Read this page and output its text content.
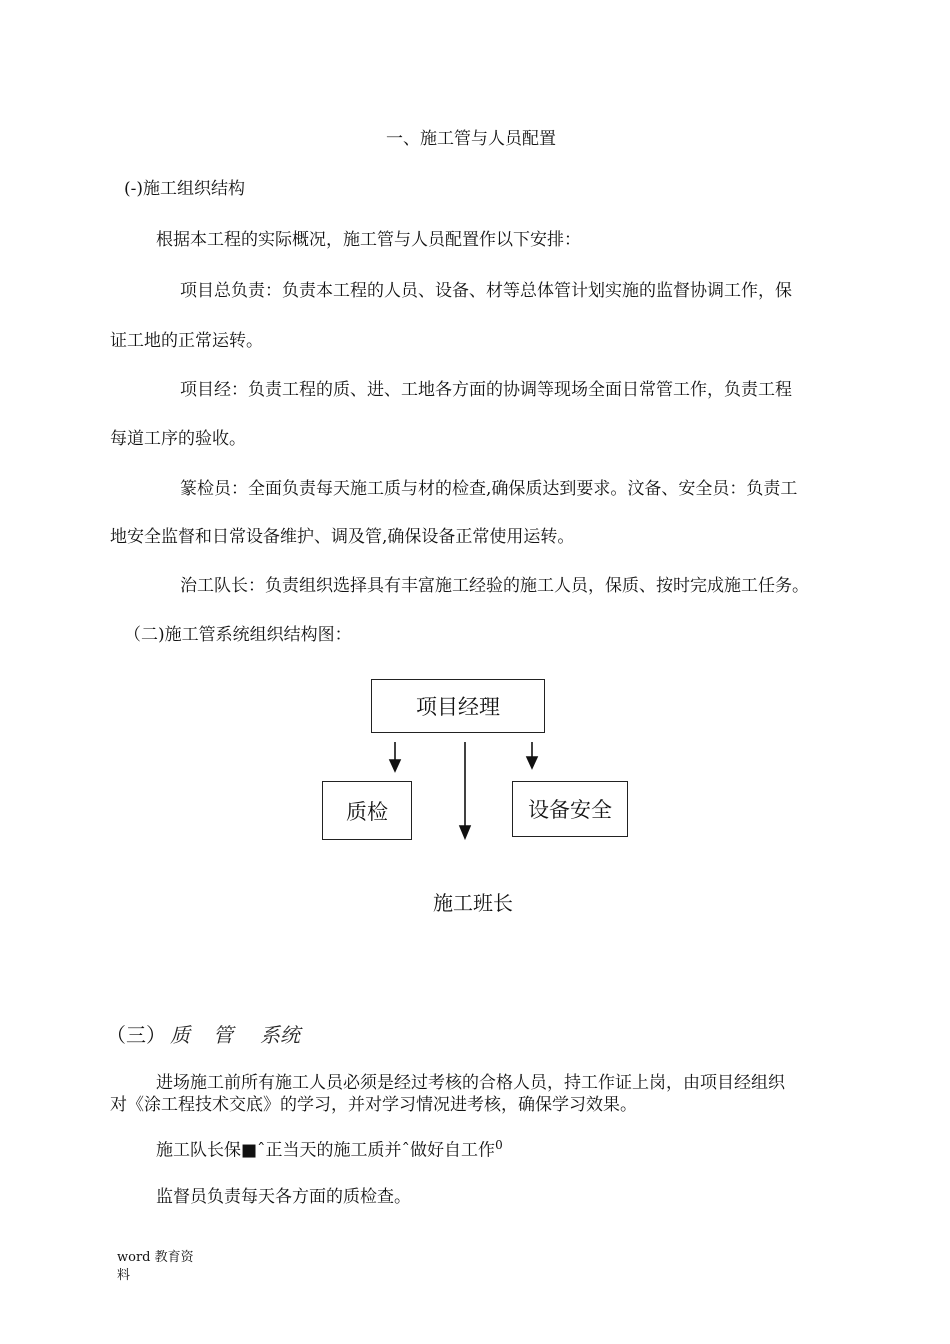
一、施工管与人员配置
(-)施工组织结构
根据本工程的实际概况，施工管与人员配置作以下安排：
项目总负责：负责本工程的人员、设备、材等总体管计划实施的监督协调工作，保
证工地的正常运转。
项目经：负责工程的质、进、工地各方面的协调等现场全面日常管工作，负责工程
每道工序的验收。
篆检员：全面负责每天施工质与材的检查,确保质达到要求。汶备、安全员：负责工
地安全监督和日常设备维护、调及管,确保设备正常使用运转。
治工队长：负责组织选择具有丰富施工经验的施工人员，保质、按时完成施工任务。
（二)施工管系统组织结构图：
项目经理
质检	设备安全
施工班长
（三） 质 管 系统
进场施工前所有施工人员必须是经过考核的合格人员，持工作证上岗，由项目经组织
对《涂工程技术交底》的学习，并对学习情况进考核，确保学习效果。
施工队长保■ˆ正当天的施工质并ˆ做好自工作$^0$
监督员负责每天各方面的质检查。
word 教育资
料
